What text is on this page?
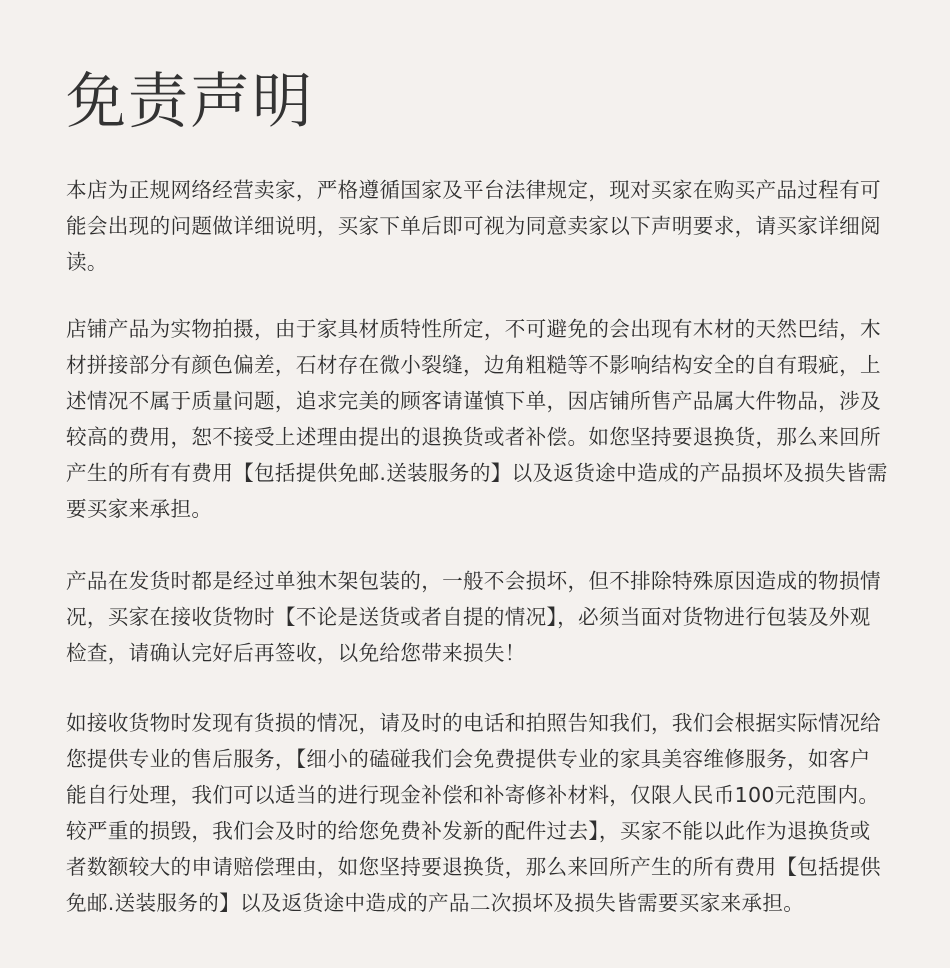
免责声明

本店为正规网络经营卖家，严格遵循国家及平台法律规定，现对买家在购买产品过程有可能会出现的问题做详细说明，买家下单后即可视为同意卖家以下声明要求，请买家详细阅读。

店铺产品为实物拍摄，由于家具材质特性所定，不可避免的会出现有木材的天然巴结，木材拼接部分有颜色偏差，石材存在微小裂缝，边角粗糙等不影响结构安全的自有瑕疵，上述情况不属于质量问题，追求完美的顾客请谨慎下单，因店铺所售产品属大件物品，涉及较高的费用，恕不接受上述理由提出的退换货或者补偿。如您坚持要退换货，那么来回所产生的所有有费用【包括提供免邮.送装服务的】以及返货途中造成的产品损坏及损失皆需要买家来承担。

产品在发货时都是经过单独木架包装的，一般不会损坏，但不排除特殊原因造成的物损情况，买家在接收货物时【不论是送货或者自提的情况】，必须当面对货物进行包装及外观检查，请确认完好后再签收，以免给您带来损失！

如接收货物时发现有货损的情况，请及时的电话和拍照告知我们，我们会根据实际情况给您提供专业的售后服务，【细小的磕碰我们会免费提供专业的家具美容维修服务，如客户能自行处理，我们可以适当的进行现金补偿和补寄修补材料，仅限人民币100元范围内。较严重的损毁，我们会及时的给您免费补发新的配件过去】，买家不能以此作为退换货或者数额较大的申请赔偿理由，如您坚持要退换货，那么来回所产生的所有费用【包括提供免邮.送装服务的】以及返货途中造成的产品二次损坏及损失皆需要买家来承担。
